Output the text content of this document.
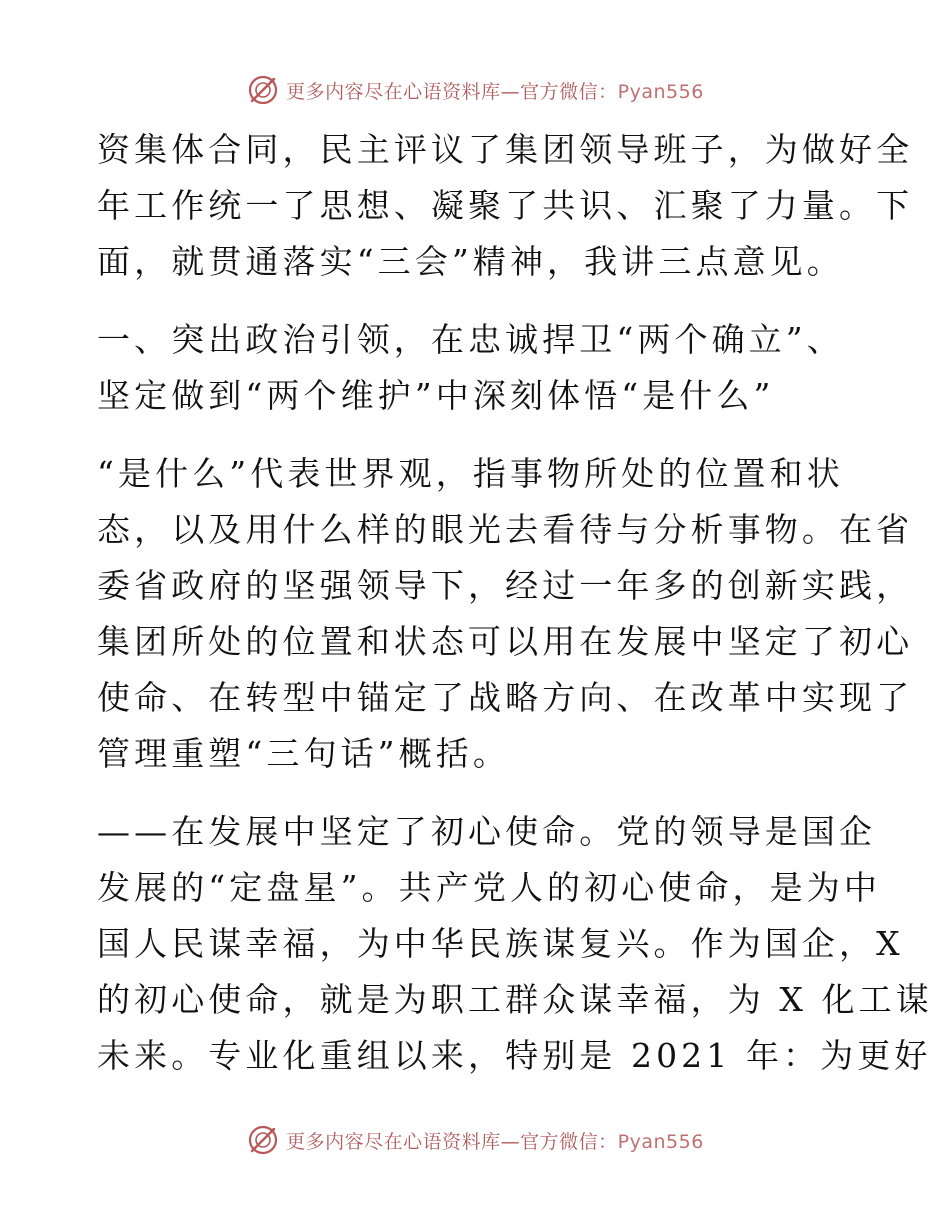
更多内容尽在心语资料库—官方微信：Pyan556

资集体合同，民主评议了集团领导班子，为做好全
年工作统一了思想、凝聚了共识、汇聚了力量。下
面，就贯通落实“三会”精神，我讲三点意见。

一、突出政治引领，在忠诚捍卫“两个确立”、
坚定做到“两个维护”中深刻体悟“是什么”

“是什么”代表世界观，指事物所处的位置和状
态，以及用什么样的眼光去看待与分析事物。在省
委省政府的坚强领导下，经过一年多的创新实践，
集团所处的位置和状态可以用在发展中坚定了初心
使命、在转型中锚定了战略方向、在改革中实现了
管理重塑“三句话”概括。

——在发展中坚定了初心使命。党的领导是国企
发展的“定盘星”。共产党人的初心使命，是为中
国人民谋幸福，为中华民族谋复兴。作为国企，X
的初心使命，就是为职工群众谋幸福，为 X 化工谋
未来。专业化重组以来，特别是 2021 年：为更好

更多内容尽在心语资料库—官方微信：Pyan556
